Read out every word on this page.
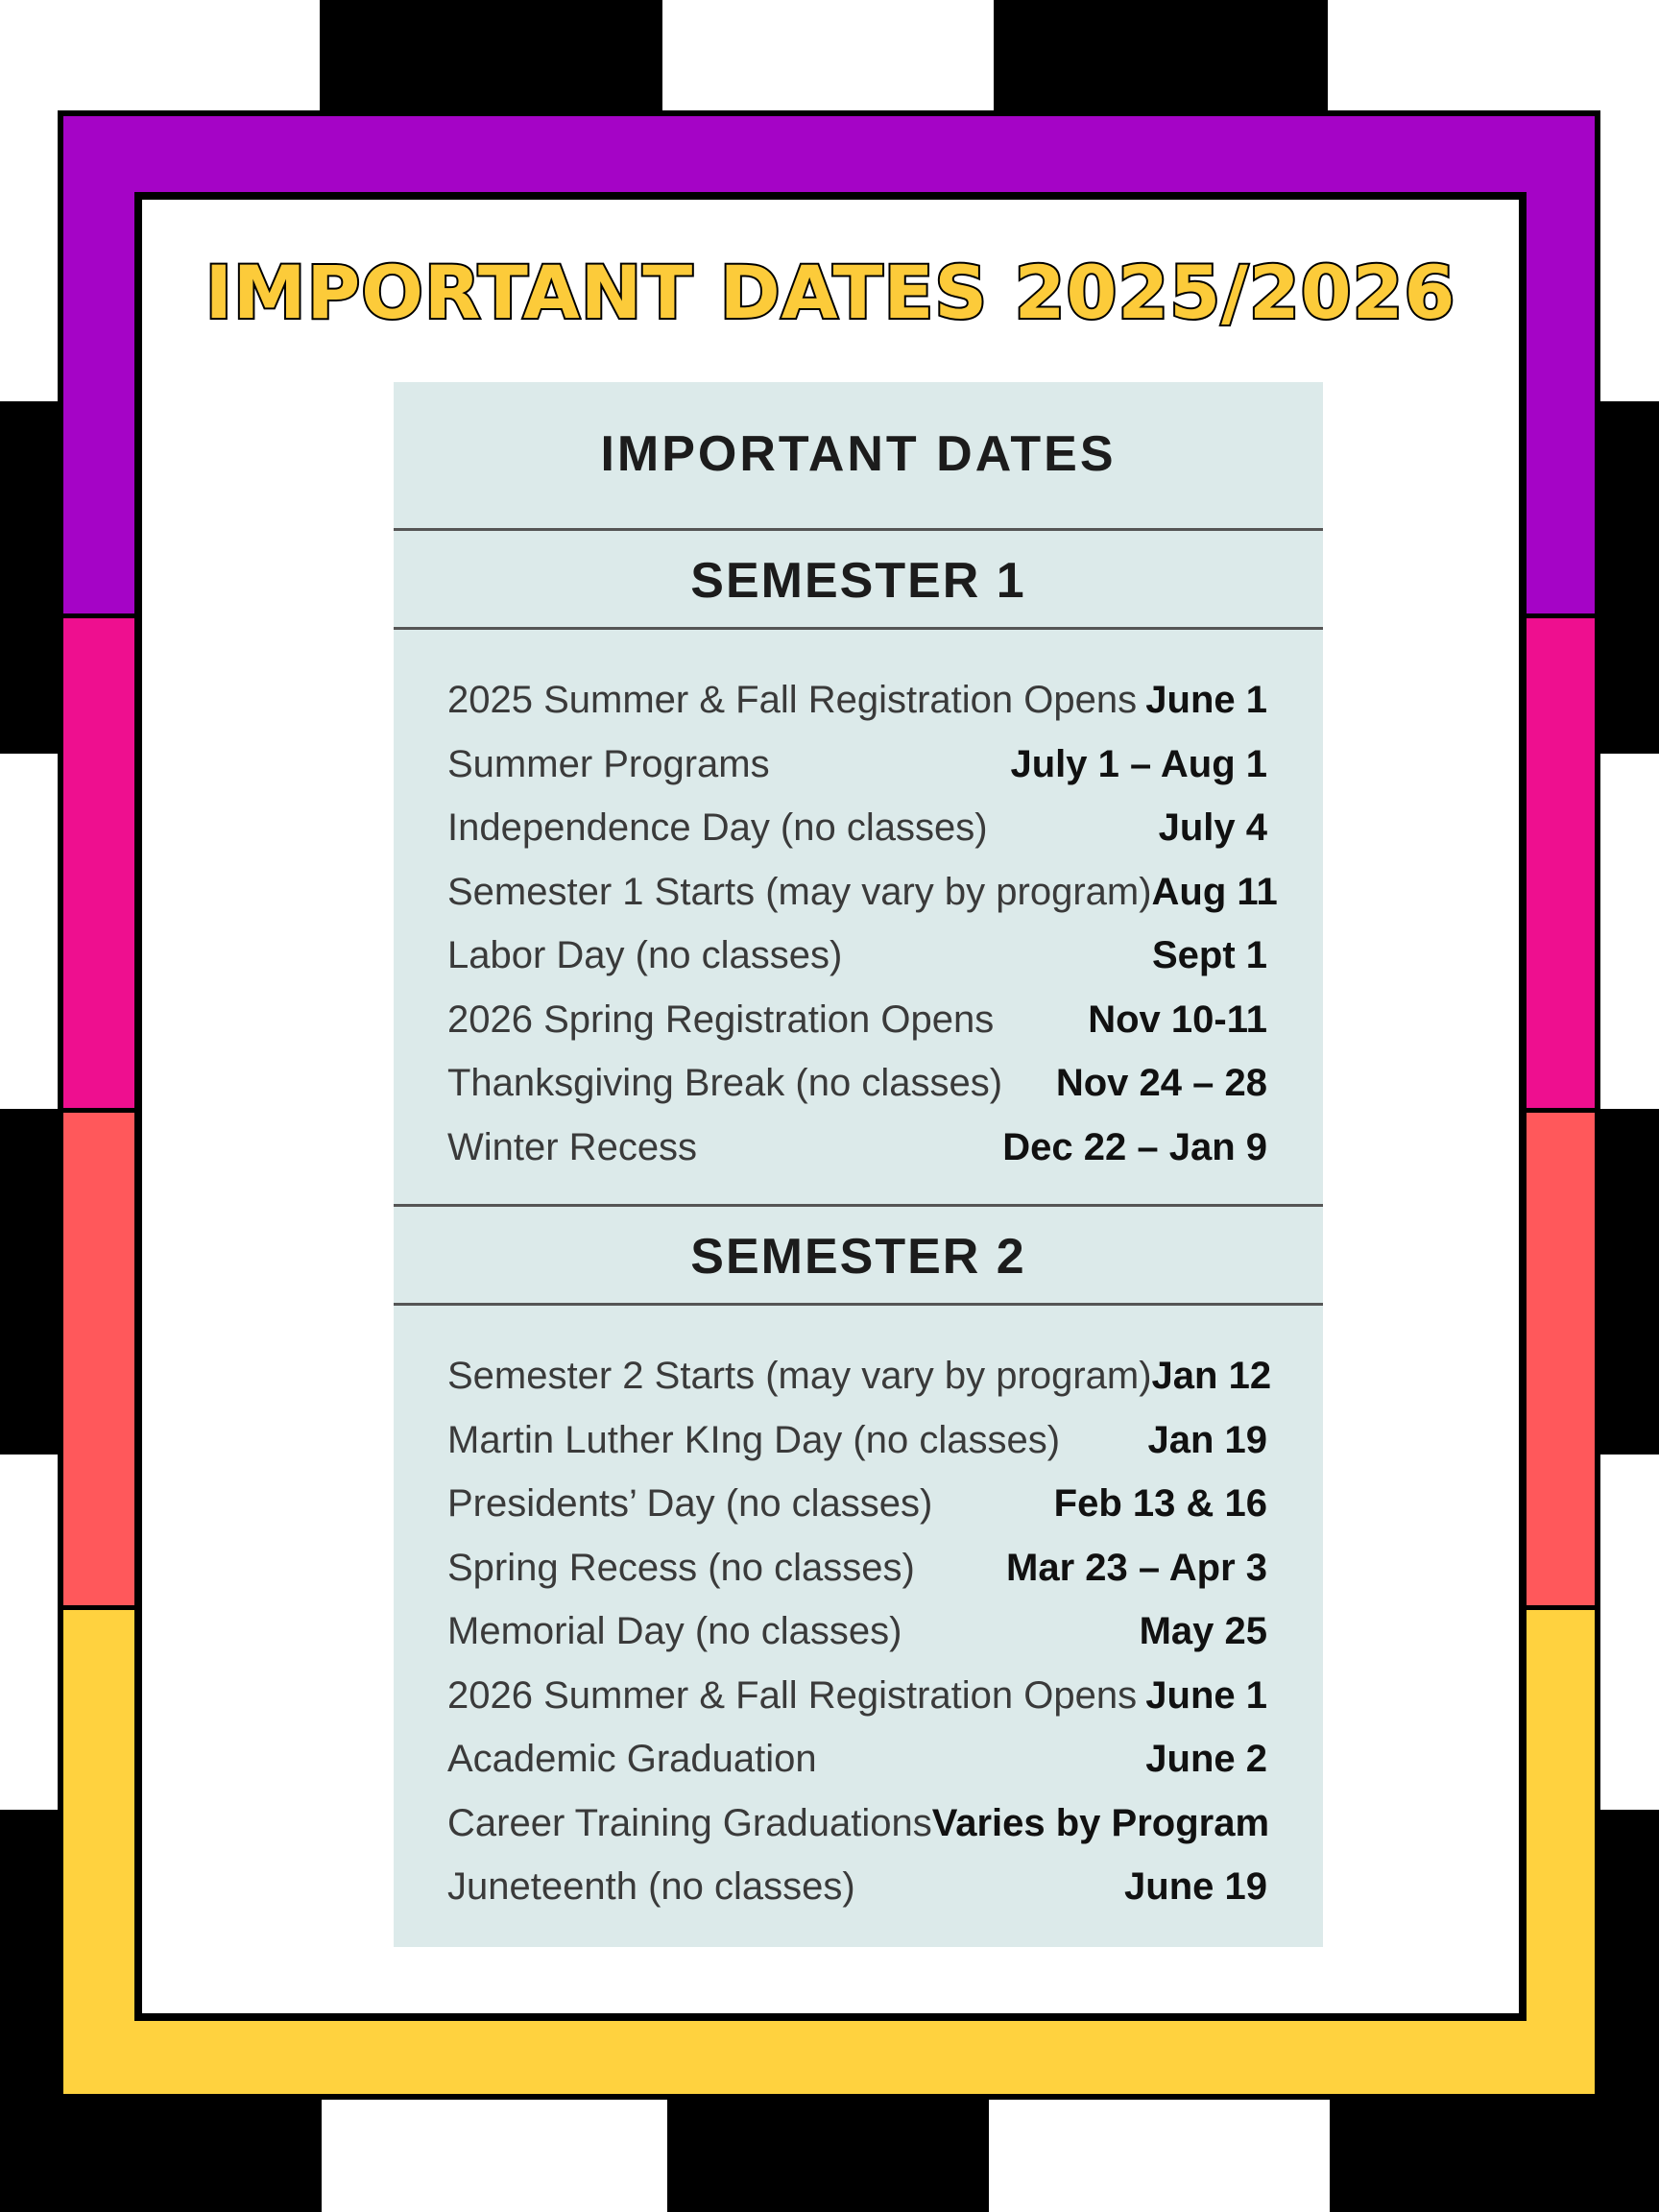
IMPORTANT DATES 2025/2026
IMPORTANT DATES
SEMESTER 1
2025 Summer & Fall Registration Opens June 1
Summer Programs	July 1 – Aug 1
Independence Day (no classes)	July 4
Semester 1 Starts (may vary by program) Aug 11
Labor Day (no classes)	Sept 1
2026 Spring Registration Opens Nov 10-11
Thanksgiving Break (no classes) Nov 24 – 28
Winter Recess	Dec 22 – Jan 9
SEMESTER 2
Semester 2 Starts (may vary by program) Jan 12
Martin Luther KIng Day (no classes) Jan 19
Presidents’ Day (no classes)	Feb 13 & 16
Spring Recess (no classes) Mar 23 – Apr 3
Memorial Day (no classes)	May 25
2026 Summer & Fall Registration Opens June 1
Academic Graduation	June 2
Career Training Graduations Varies by Program
Juneteenth (no classes)	June 19
